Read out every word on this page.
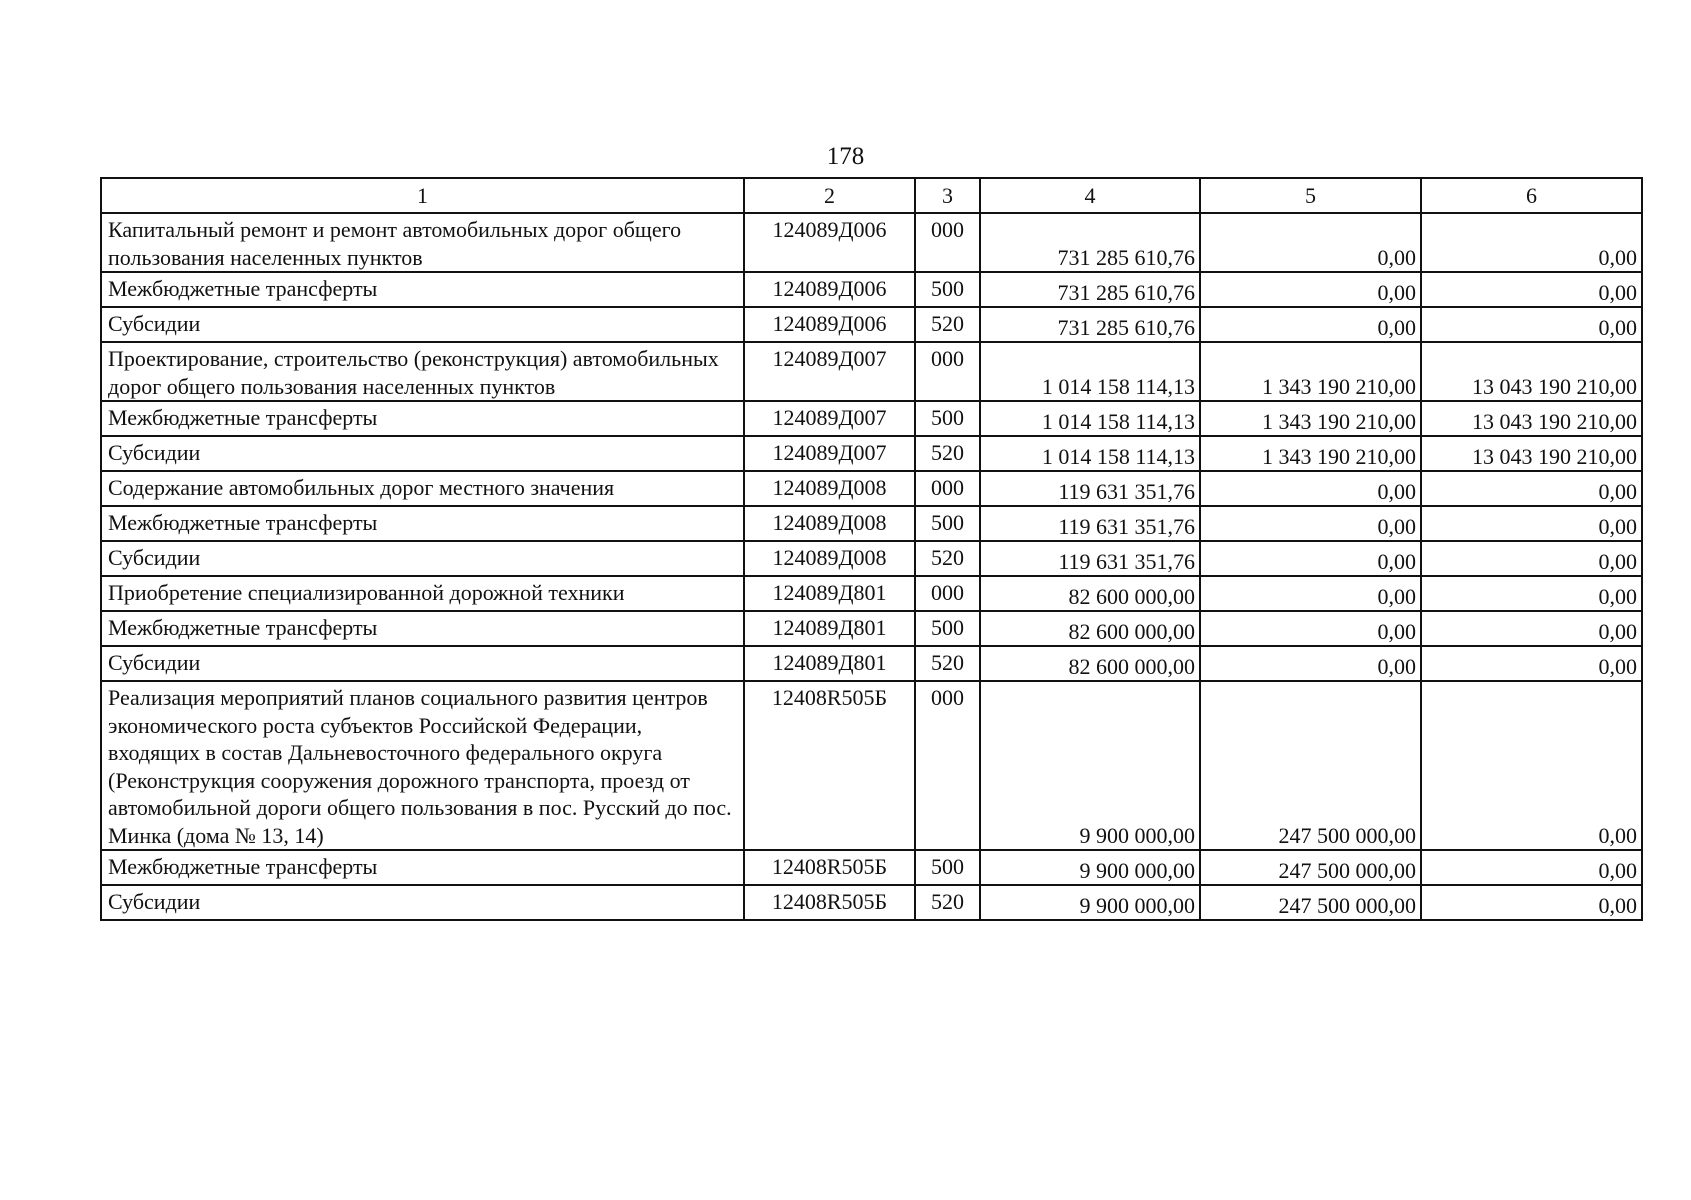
178
1	2	3	4	5	6
Капитальный ремонт и ремонт автомобильных дорог общего пользования населенных пунктов	124089Д006	000	731 285 610,76	0,00	0,00
Межбюджетные трансферты	124089Д006	500	731 285 610,76	0,00	0,00
Субсидии	124089Д006	520	731 285 610,76	0,00	0,00
Проектирование, строительство (реконструкция) автомобильных дорог общего пользования населенных пунктов	124089Д007	000	1 014 158 114,13	1 343 190 210,00	13 043 190 210,00
Межбюджетные трансферты	124089Д007	500	1 014 158 114,13	1 343 190 210,00	13 043 190 210,00
Субсидии	124089Д007	520	1 014 158 114,13	1 343 190 210,00	13 043 190 210,00
Содержание автомобильных дорог местного значения	124089Д008	000	119 631 351,76	0,00	0,00
Межбюджетные трансферты	124089Д008	500	119 631 351,76	0,00	0,00
Субсидии	124089Д008	520	119 631 351,76	0,00	0,00
Приобретение специализированной дорожной техники	124089Д801	000	82 600 000,00	0,00	0,00
Межбюджетные трансферты	124089Д801	500	82 600 000,00	0,00	0,00
Субсидии	124089Д801	520	82 600 000,00	0,00	0,00
Реализация мероприятий планов социального развития центров экономического роста субъектов Российской Федерации, входящих в состав Дальневосточного федерального округа (Реконструкция сооружения дорожного транспорта, проезд от автомобильной дороги общего пользования в пос. Русский до пос. Минка (дома № 13, 14)	12408R505Б	000	9 900 000,00	247 500 000,00	0,00
Межбюджетные трансферты	12408R505Б	500	9 900 000,00	247 500 000,00	0,00
Субсидии	12408R505Б	520	9 900 000,00	247 500 000,00	0,00
